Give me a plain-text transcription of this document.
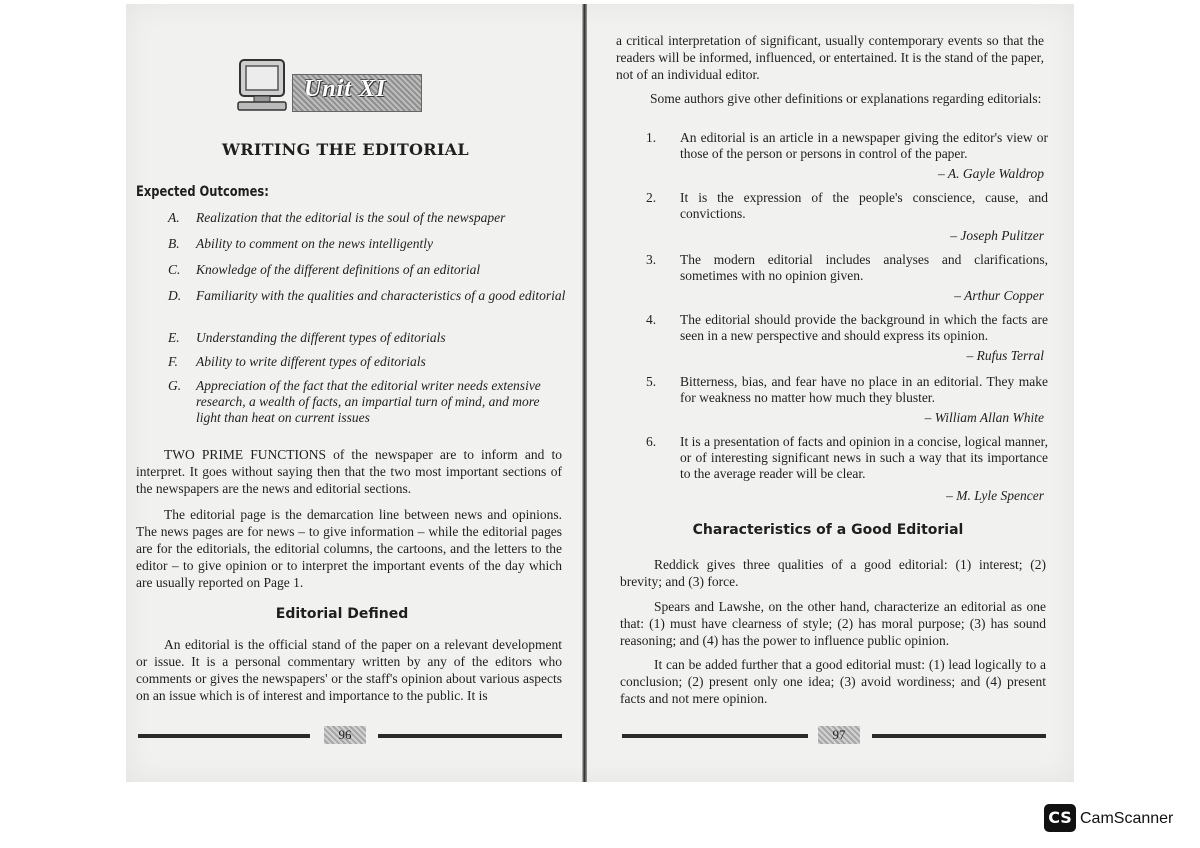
Unit XI
WRITING THE EDITORIAL
Expected Outcomes:
A. Realization that the editorial is the soul of the newspaper
B. Ability to comment on the news intelligently
C. Knowledge of the different definitions of an editorial
D. Familiarity with the qualities and characteristics of a good editorial
E. Understanding the different types of editorials
F. Ability to write different types of editorials
G. Appreciation of the fact that the editorial writer needs extensive research, a wealth of facts, an impartial turn of mind, and more light than heat on current issues
TWO PRIME FUNCTIONS of the newspaper are to inform and to interpret. It goes without saying then that the two most important sections of the newspapers are the news and editorial sections.
The editorial page is the demarcation line between news and opinions. The news pages are for news – to give information – while the editorial pages are for the editorials, the editorial columns, the cartoons, and the letters to the editor – to give opinion or to interpret the important events of the day which are usually reported on Page 1.
Editorial Defined
An editorial is the official stand of the paper on a relevant development or issue. It is a personal commentary written by any of the editors who comments or gives the newspapers' or the staff's opinion about various aspects on an issue which is of interest and importance to the public. It is
96
a critical interpretation of significant, usually contemporary events so that the readers will be informed, influenced, or entertained. It is the stand of the paper, not of an individual editor.
Some authors give other definitions or explanations regarding editorials:
1. An editorial is an article in a newspaper giving the editor's view or those of the person or persons in control of the paper.
– A. Gayle Waldrop
2. It is the expression of the people's conscience, cause, and convictions.
– Joseph Pulitzer
3. The modern editorial includes analyses and clarifications, sometimes with no opinion given.
– Arthur Copper
4. The editorial should provide the background in which the facts are seen in a new perspective and should express its opinion.
– Rufus Terral
5. Bitterness, bias, and fear have no place in an editorial. They make for weakness no matter how much they bluster.
– William Allan White
6. It is a presentation of facts and opinion in a concise, logical manner, or of interesting significant news in such a way that its importance to the average reader will be clear.
– M. Lyle Spencer
Characteristics of a Good Editorial
Reddick gives three qualities of a good editorial: (1) interest; (2) brevity; and (3) force.
Spears and Lawshe, on the other hand, characterize an editorial as one that: (1) must have clearness of style; (2) has moral purpose; (3) has sound reasoning; and (4) has the power to influence public opinion.
It can be added further that a good editorial must: (1) lead logically to a conclusion; (2) present only one idea; (3) avoid wordiness; and (4) present facts and not mere opinion.
97
CS CamScanner
